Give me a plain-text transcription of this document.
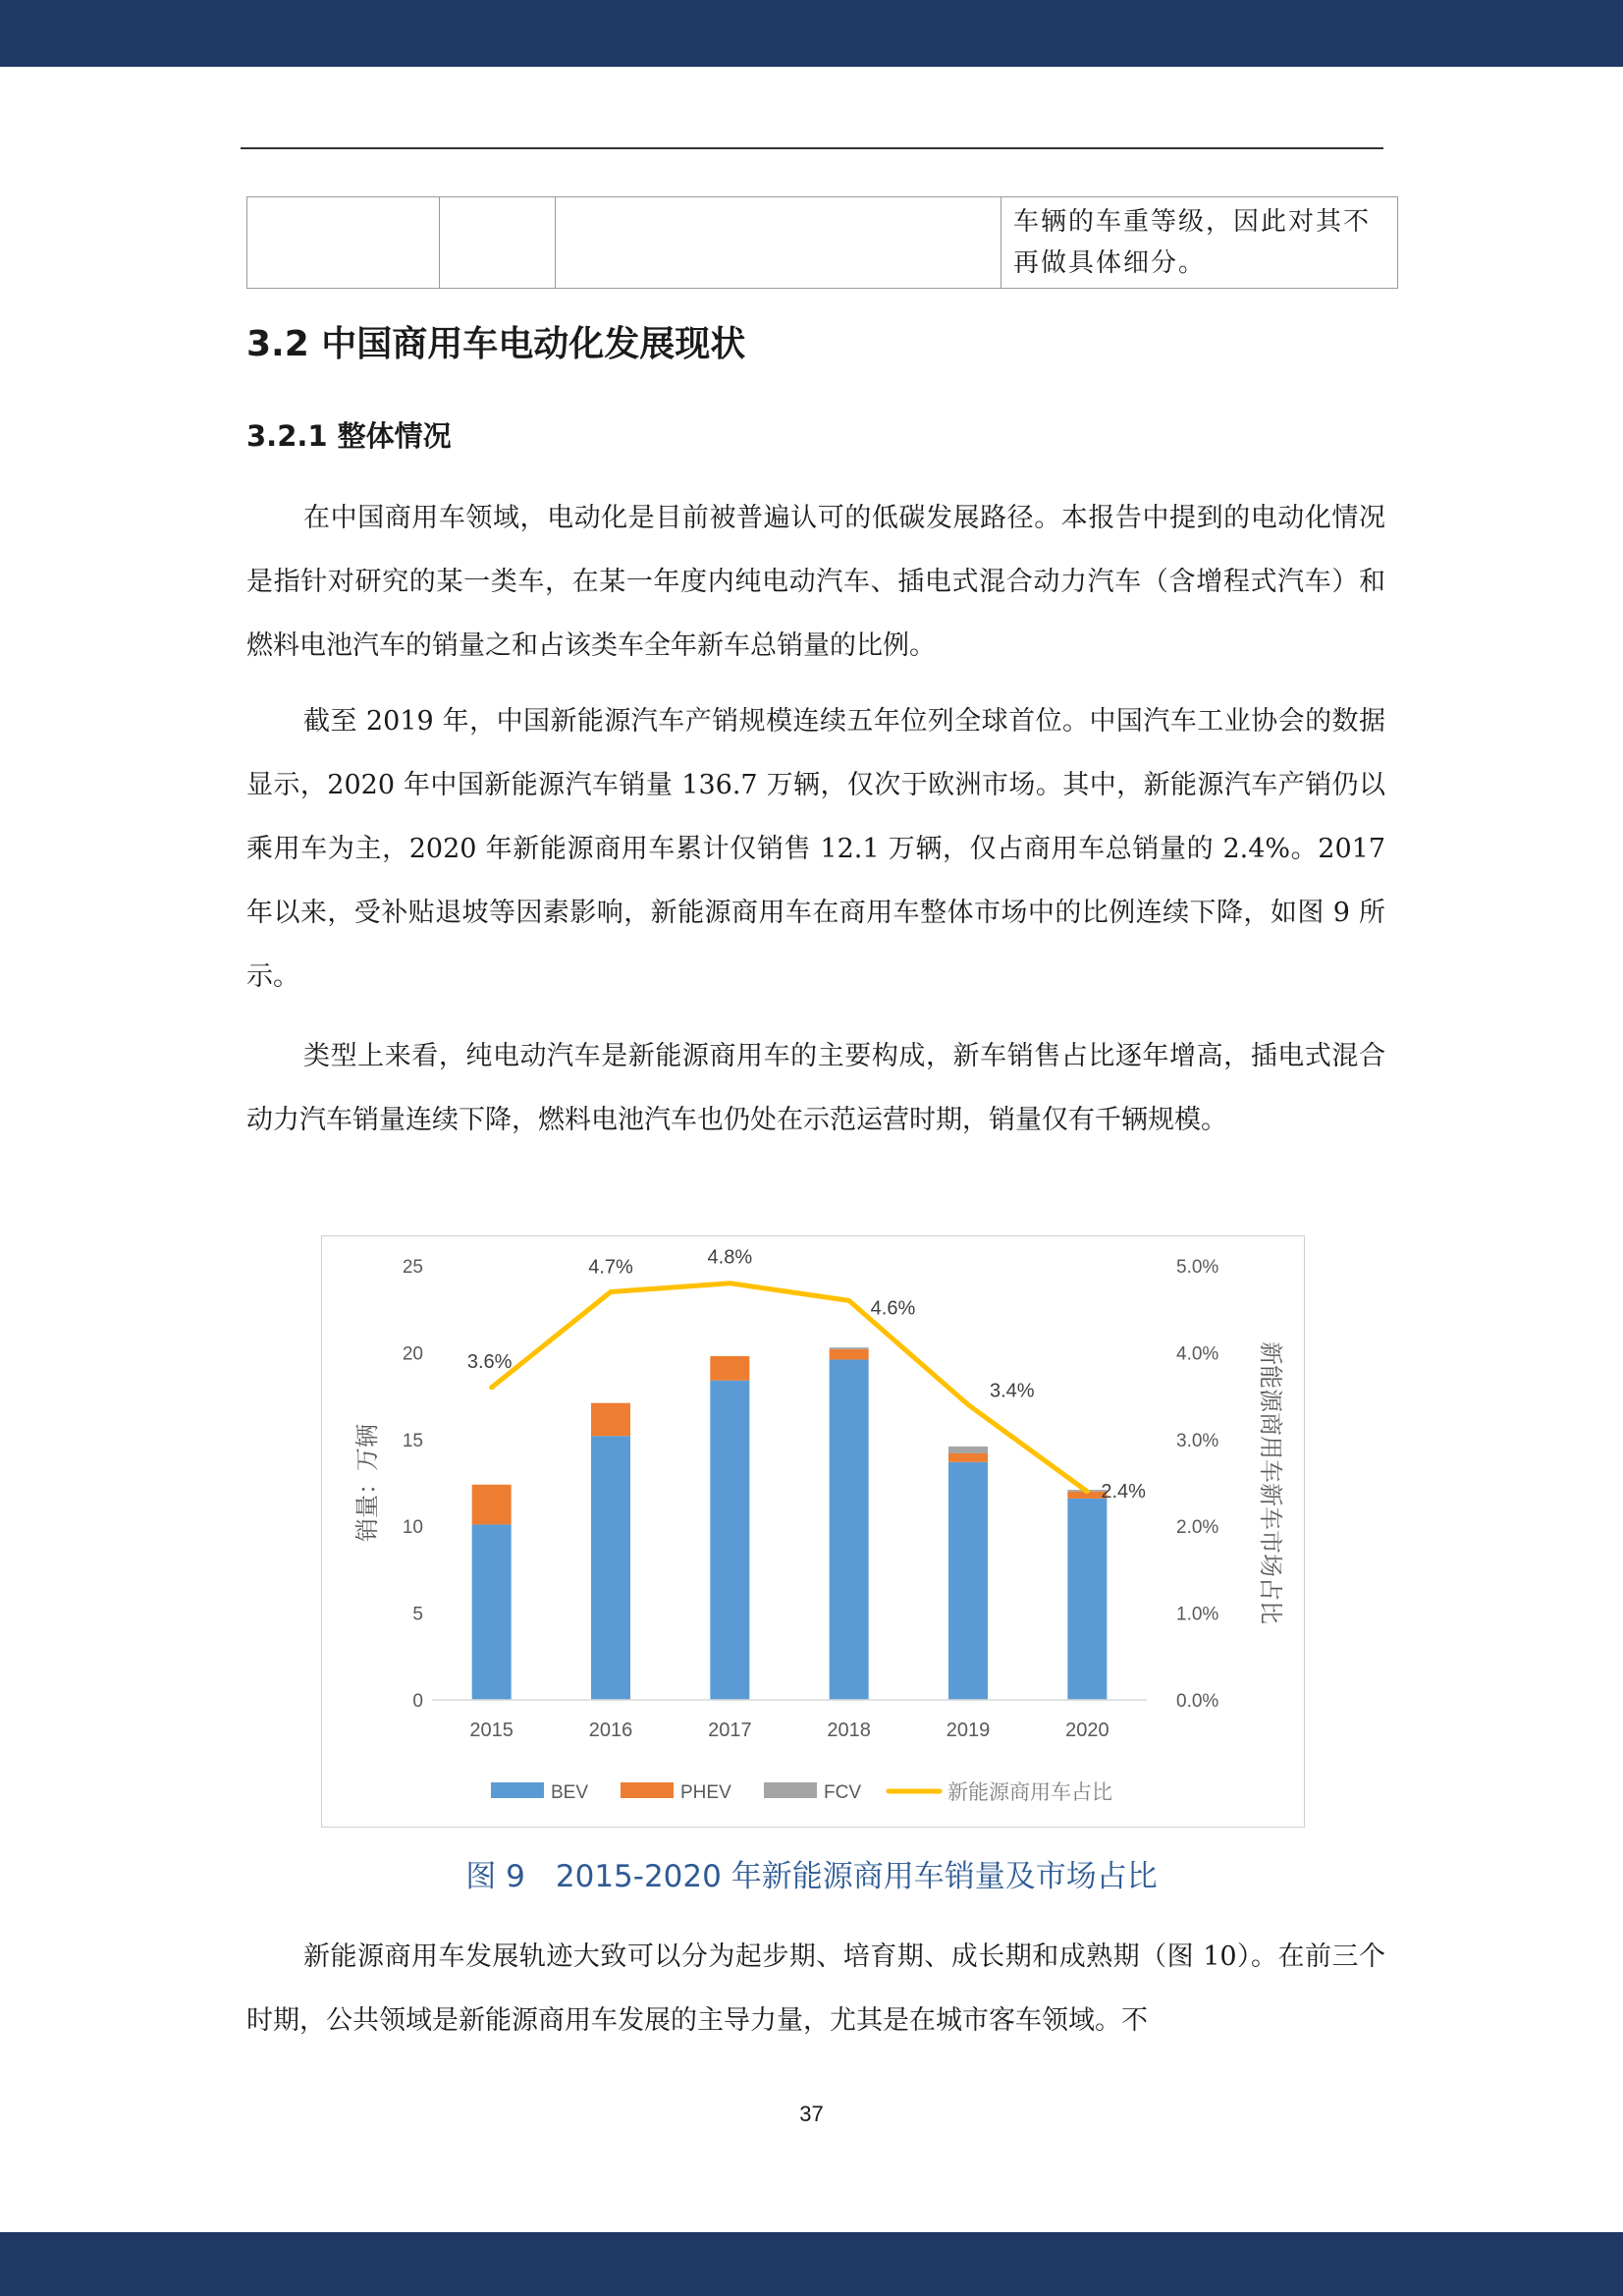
车辆的车重等级，因此对其不
再做具体细分。
3.2 中国商用车电动化发展现状
3.2.1 整体情况

在中国商用车领域，电动化是目前被普遍认可的低碳发展路径。本报告中提到的电动化情况是指针对研究的某一类车，在某一年度内纯电动汽车、插电式混合动力汽车（含增程式汽车）和燃料电池汽车的销量之和占该类车全年新车总销量的比例。

截至 2019 年，中国新能源汽车产销规模连续五年位列全球首位。中国汽车工业协会的数据显示，2020 年中国新能源汽车销量 136.7 万辆，仅次于欧洲市场。其中，新能源汽车产销仍以乘用车为主，2020 年新能源商用车累计仅销售 12.1 万辆，仅占商用车总销量的 2.4%。2017 年以来，受补贴退坡等因素影响，新能源商用车在商用车整体市场中的比例连续下降，如图 9 所示。

类型上来看，纯电动汽车是新能源商用车的主要构成，新车销售占比逐年增高，插电式混合动力汽车销量连续下降，燃料电池汽车也仍处在示范运营时期，销量仅有千辆规模。

0
5
10
15
20
25
0.0%
1.0%
2.0%
3.0%
4.0%
5.0%
销量：万辆	新能源商用车新车市场占比
2015	2016	2017	2018	2019	2020
3.6%
4.7%	4.8%
4.6%
3.4%
2.4%
BEV	PHEV	FCV	新能源商用车占比
图 9　2015-2020 年新能源商用车销量及市场占比

新能源商用车发展轨迹大致可以分为起步期、培育期、成长期和成熟期（图 10）。在前三个时期，公共领域是新能源商用车发展的主导力量，尤其是在城市客车领域。不

37
